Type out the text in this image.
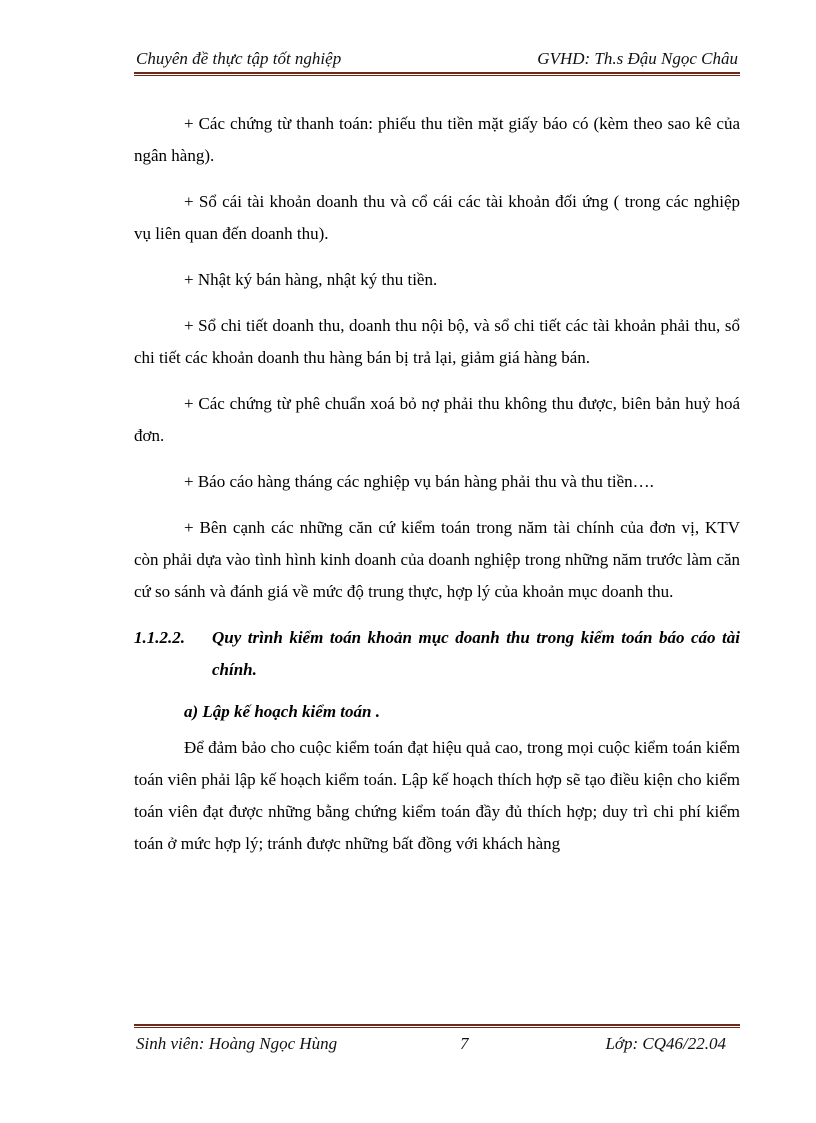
Chuyên đề thực tập tốt nghiệp	GVHD: Th.s Đậu Ngọc Châu

+ Các chứng từ thanh toán: phiếu thu tiền mặt giấy báo có (kèm theo sao kê của ngân hàng).

+ Sổ cái tài khoản doanh thu và cổ cái các tài khoản đối ứng ( trong các nghiệp vụ liên quan đến doanh thu).

+ Nhật ký bán hàng, nhật ký thu tiền.

+ Sổ chi tiết doanh thu, doanh thu nội bộ, và sổ chi tiết các tài khoản phải thu, sổ chi tiết các khoản doanh thu hàng bán bị trả lại, giảm giá hàng bán.

+ Các chứng từ phê chuẩn xoá bỏ nợ phải thu không thu được, biên bản huỷ hoá đơn.

+ Báo cáo hàng tháng các nghiệp vụ bán hàng phải thu và thu tiền….

+ Bên cạnh các những căn cứ kiểm toán trong năm tài chính của đơn vị, KTV còn phải dựa vào tình hình kinh doanh của doanh nghiệp trong những năm trước làm căn cứ so sánh và đánh giá về mức độ trung thực, hợp lý của khoản mục doanh thu.

1.1.2.2.	Quy trình kiểm toán khoản mục doanh thu trong kiểm toán báo cáo tài chính.
a) Lập kế hoạch kiểm toán .

Để đảm bảo cho cuộc kiểm toán đạt hiệu quả cao, trong mọi cuộc kiểm toán kiểm toán viên phải lập kế hoạch kiểm toán. Lập kế hoạch thích hợp sẽ tạo điều kiện cho kiểm toán viên đạt được những bằng chứng kiểm toán đầy đủ thích hợp; duy trì chi phí kiểm toán ở mức hợp lý; tránh được những bất đồng với khách hàng

Sinh viên: Hoàng Ngọc Hùng	7	Lớp: CQ46/22.04
